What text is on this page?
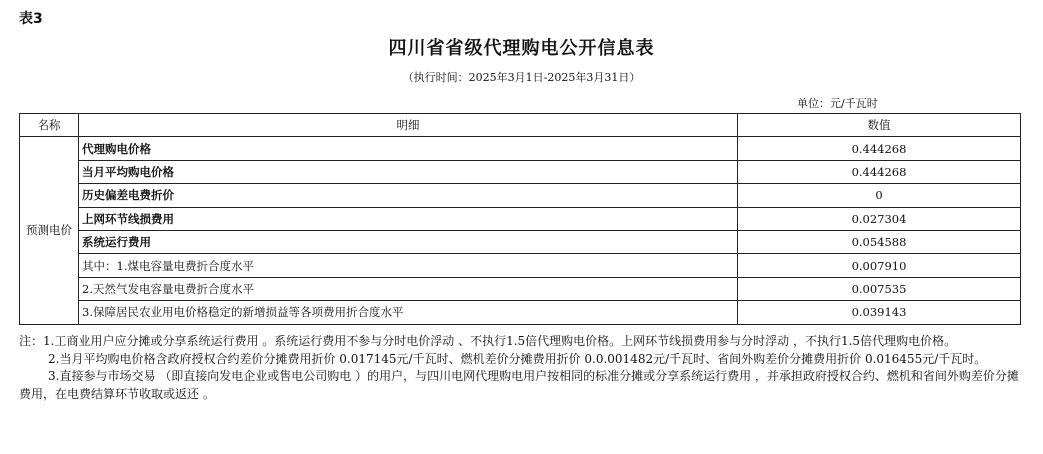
表3
四川省省级代理购电公开信息表
（执行时间：2025年3月1日-2025年3月31日）
单位：元/千瓦时
名称	明细	数值
预测电价	代理购电价格	0.444268
	当月平均购电价格	0.444268
	历史偏差电费折价	0
	上网环节线损费用	0.027304
	系统运行费用	0.054588
	其中：1.煤电容量电费折合度水平	0.007910
	2.天然气发电容量电费折合度水平	0.007535
	3.保障居民农业用电价格稳定的新增损益等各项费用折合度水平	0.039143

注：1.工商业用户应分摊或分享系统运行费用 。系统运行费用不参与分时电价浮动 、不执行1.5倍代理购电价格。上网环节线损费用参与分时浮动 ，不执行1.5倍代理购电价格。

2.当月平均购电价格含政府授权合约差价分摊费用折价 0.017145元/千瓦时、燃机差价分摊费用折价 0.0.001482元/千瓦时、省间外购差价分摊费用折价 0.016455元/千瓦时。

3.直接参与市场交易 （即直接向发电企业或售电公司购电 ）的用户，与四川电网代理购电用户按相同的标准分摊或分享系统运行费用 ，并承担政府授权合约、燃机和省间外购差价分摊费用，在电费结算环节收取或返还 。
